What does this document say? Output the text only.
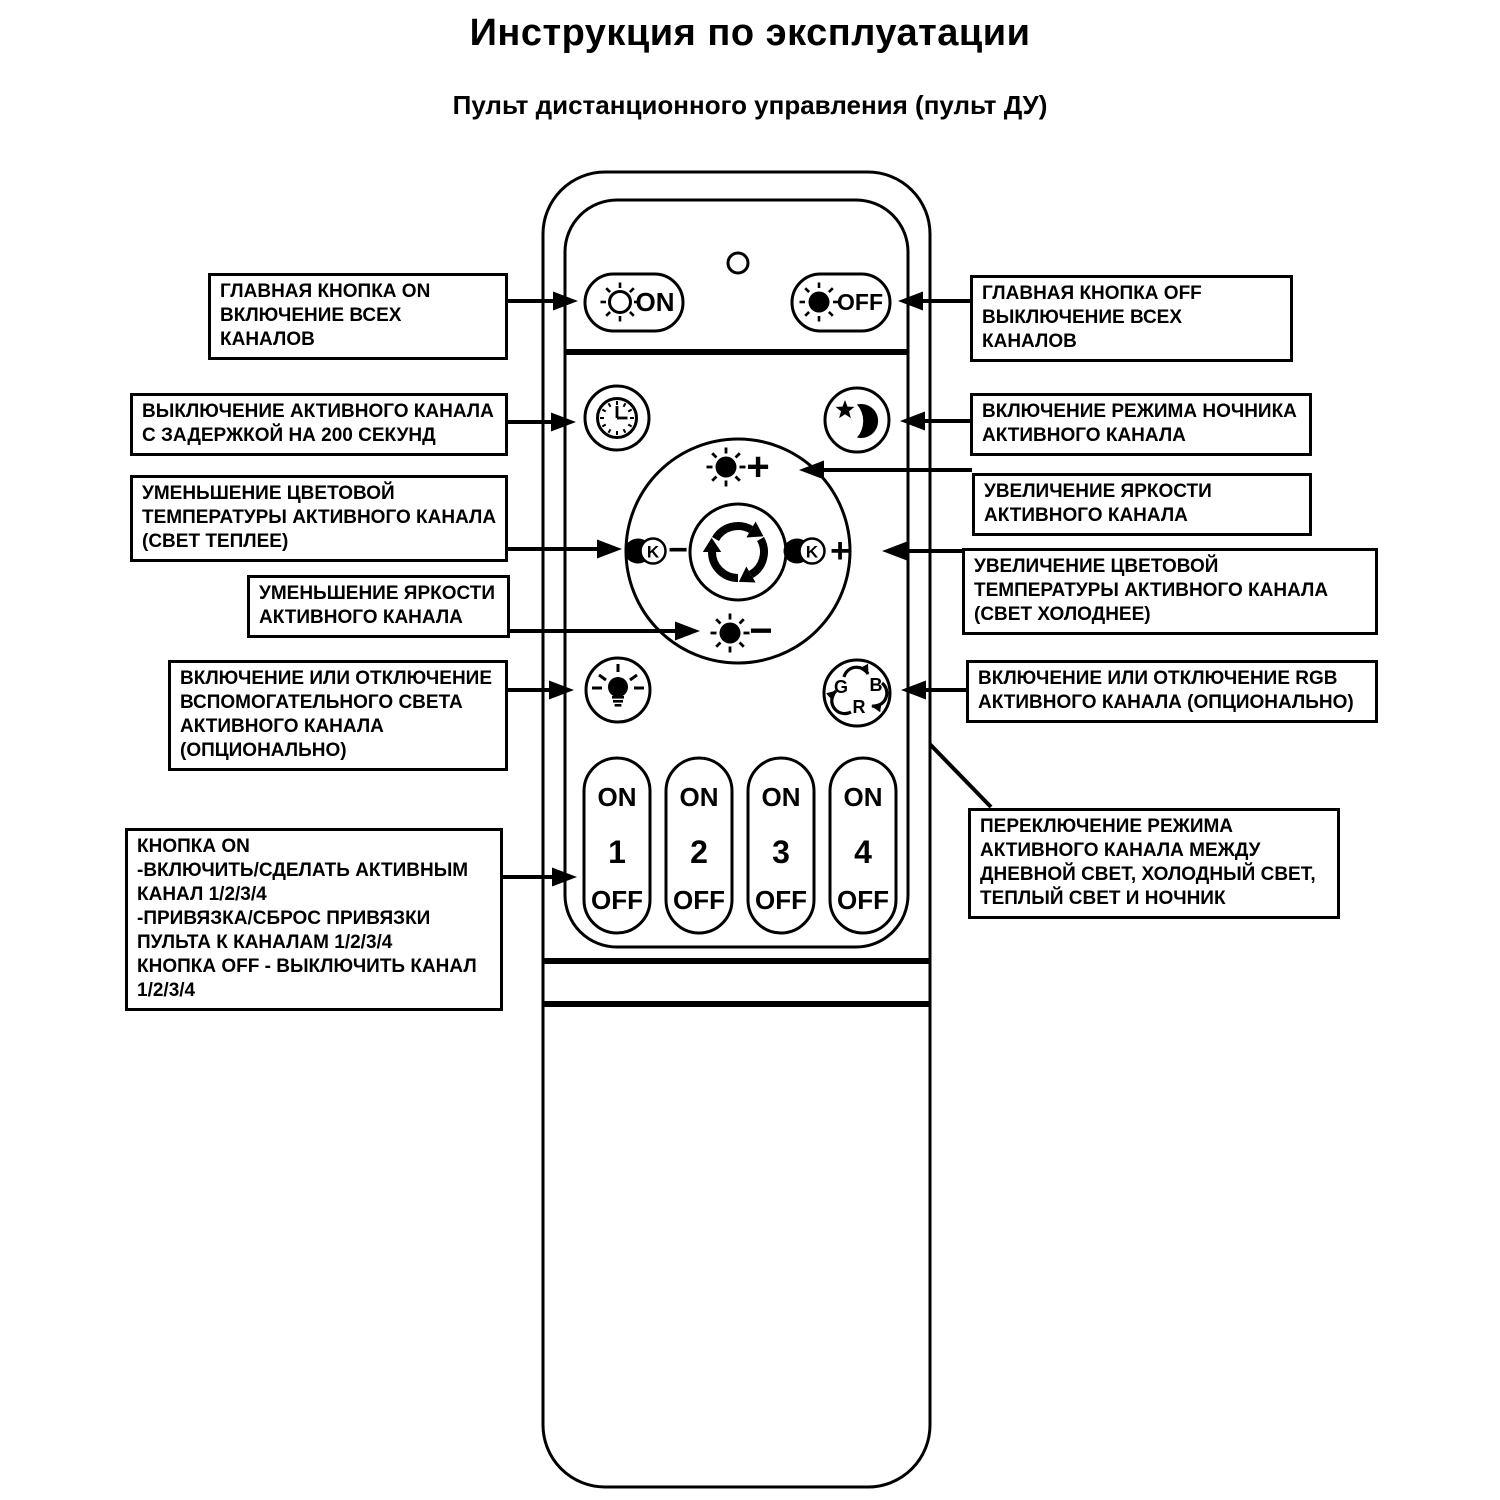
Инструкция по эксплуатации
Пульт дистанционного управления (пульт ДУ)
ON	OFF
+
−
K −	K +
G B
R
ON
1
OFF
ON
2
OFF
ON
3
OFF
ON
4
OFF
ГЛАВНАЯ КНОПКА ON
ВКЛЮЧЕНИЕ ВСЕХ КАНАЛОВ
ВЫКЛЮЧЕНИЕ АКТИВНОГО КАНАЛА
С ЗАДЕРЖКОЙ НА 200 СЕКУНД
УМЕНЬШЕНИЕ ЦВЕТОВОЙ
ТЕМПЕРАТУРЫ АКТИВНОГО КАНАЛА
(СВЕТ ТЕПЛЕЕ)
УМЕНЬШЕНИЕ ЯРКОСТИ
АКТИВНОГО КАНАЛА
ВКЛЮЧЕНИЕ ИЛИ ОТКЛЮЧЕНИЕ
ВСПОМОГАТЕЛЬНОГО СВЕТА
АКТИВНОГО КАНАЛА
(ОПЦИОНАЛЬНО)
КНОПКА ON
-ВКЛЮЧИТЬ/СДЕЛАТЬ АКТИВНЫМ
КАНАЛ 1/2/3/4
-ПРИВЯЗКА/СБРОС ПРИВЯЗКИ
ПУЛЬТА К КАНАЛАМ 1/2/3/4
КНОПКА OFF - ВЫКЛЮЧИТЬ КАНАЛ
1/2/3/4
ГЛАВНАЯ КНОПКА OFF
ВЫКЛЮЧЕНИЕ ВСЕХ КАНАЛОВ
ВКЛЮЧЕНИЕ РЕЖИМА НОЧНИКА
АКТИВНОГО КАНАЛА
УВЕЛИЧЕНИЕ ЯРКОСТИ
АКТИВНОГО КАНАЛА
УВЕЛИЧЕНИЕ ЦВЕТОВОЙ
ТЕМПЕРАТУРЫ АКТИВНОГО КАНАЛА
(СВЕТ ХОЛОДНЕЕ)
ВКЛЮЧЕНИЕ ИЛИ ОТКЛЮЧЕНИЕ RGB
АКТИВНОГО КАНАЛА (ОПЦИОНАЛЬНО)
ПЕРЕКЛЮЧЕНИЕ РЕЖИМА
АКТИВНОГО КАНАЛА МЕЖДУ
ДНЕВНОЙ СВЕТ, ХОЛОДНЫЙ СВЕТ,
ТЕПЛЫЙ СВЕТ И НОЧНИК
